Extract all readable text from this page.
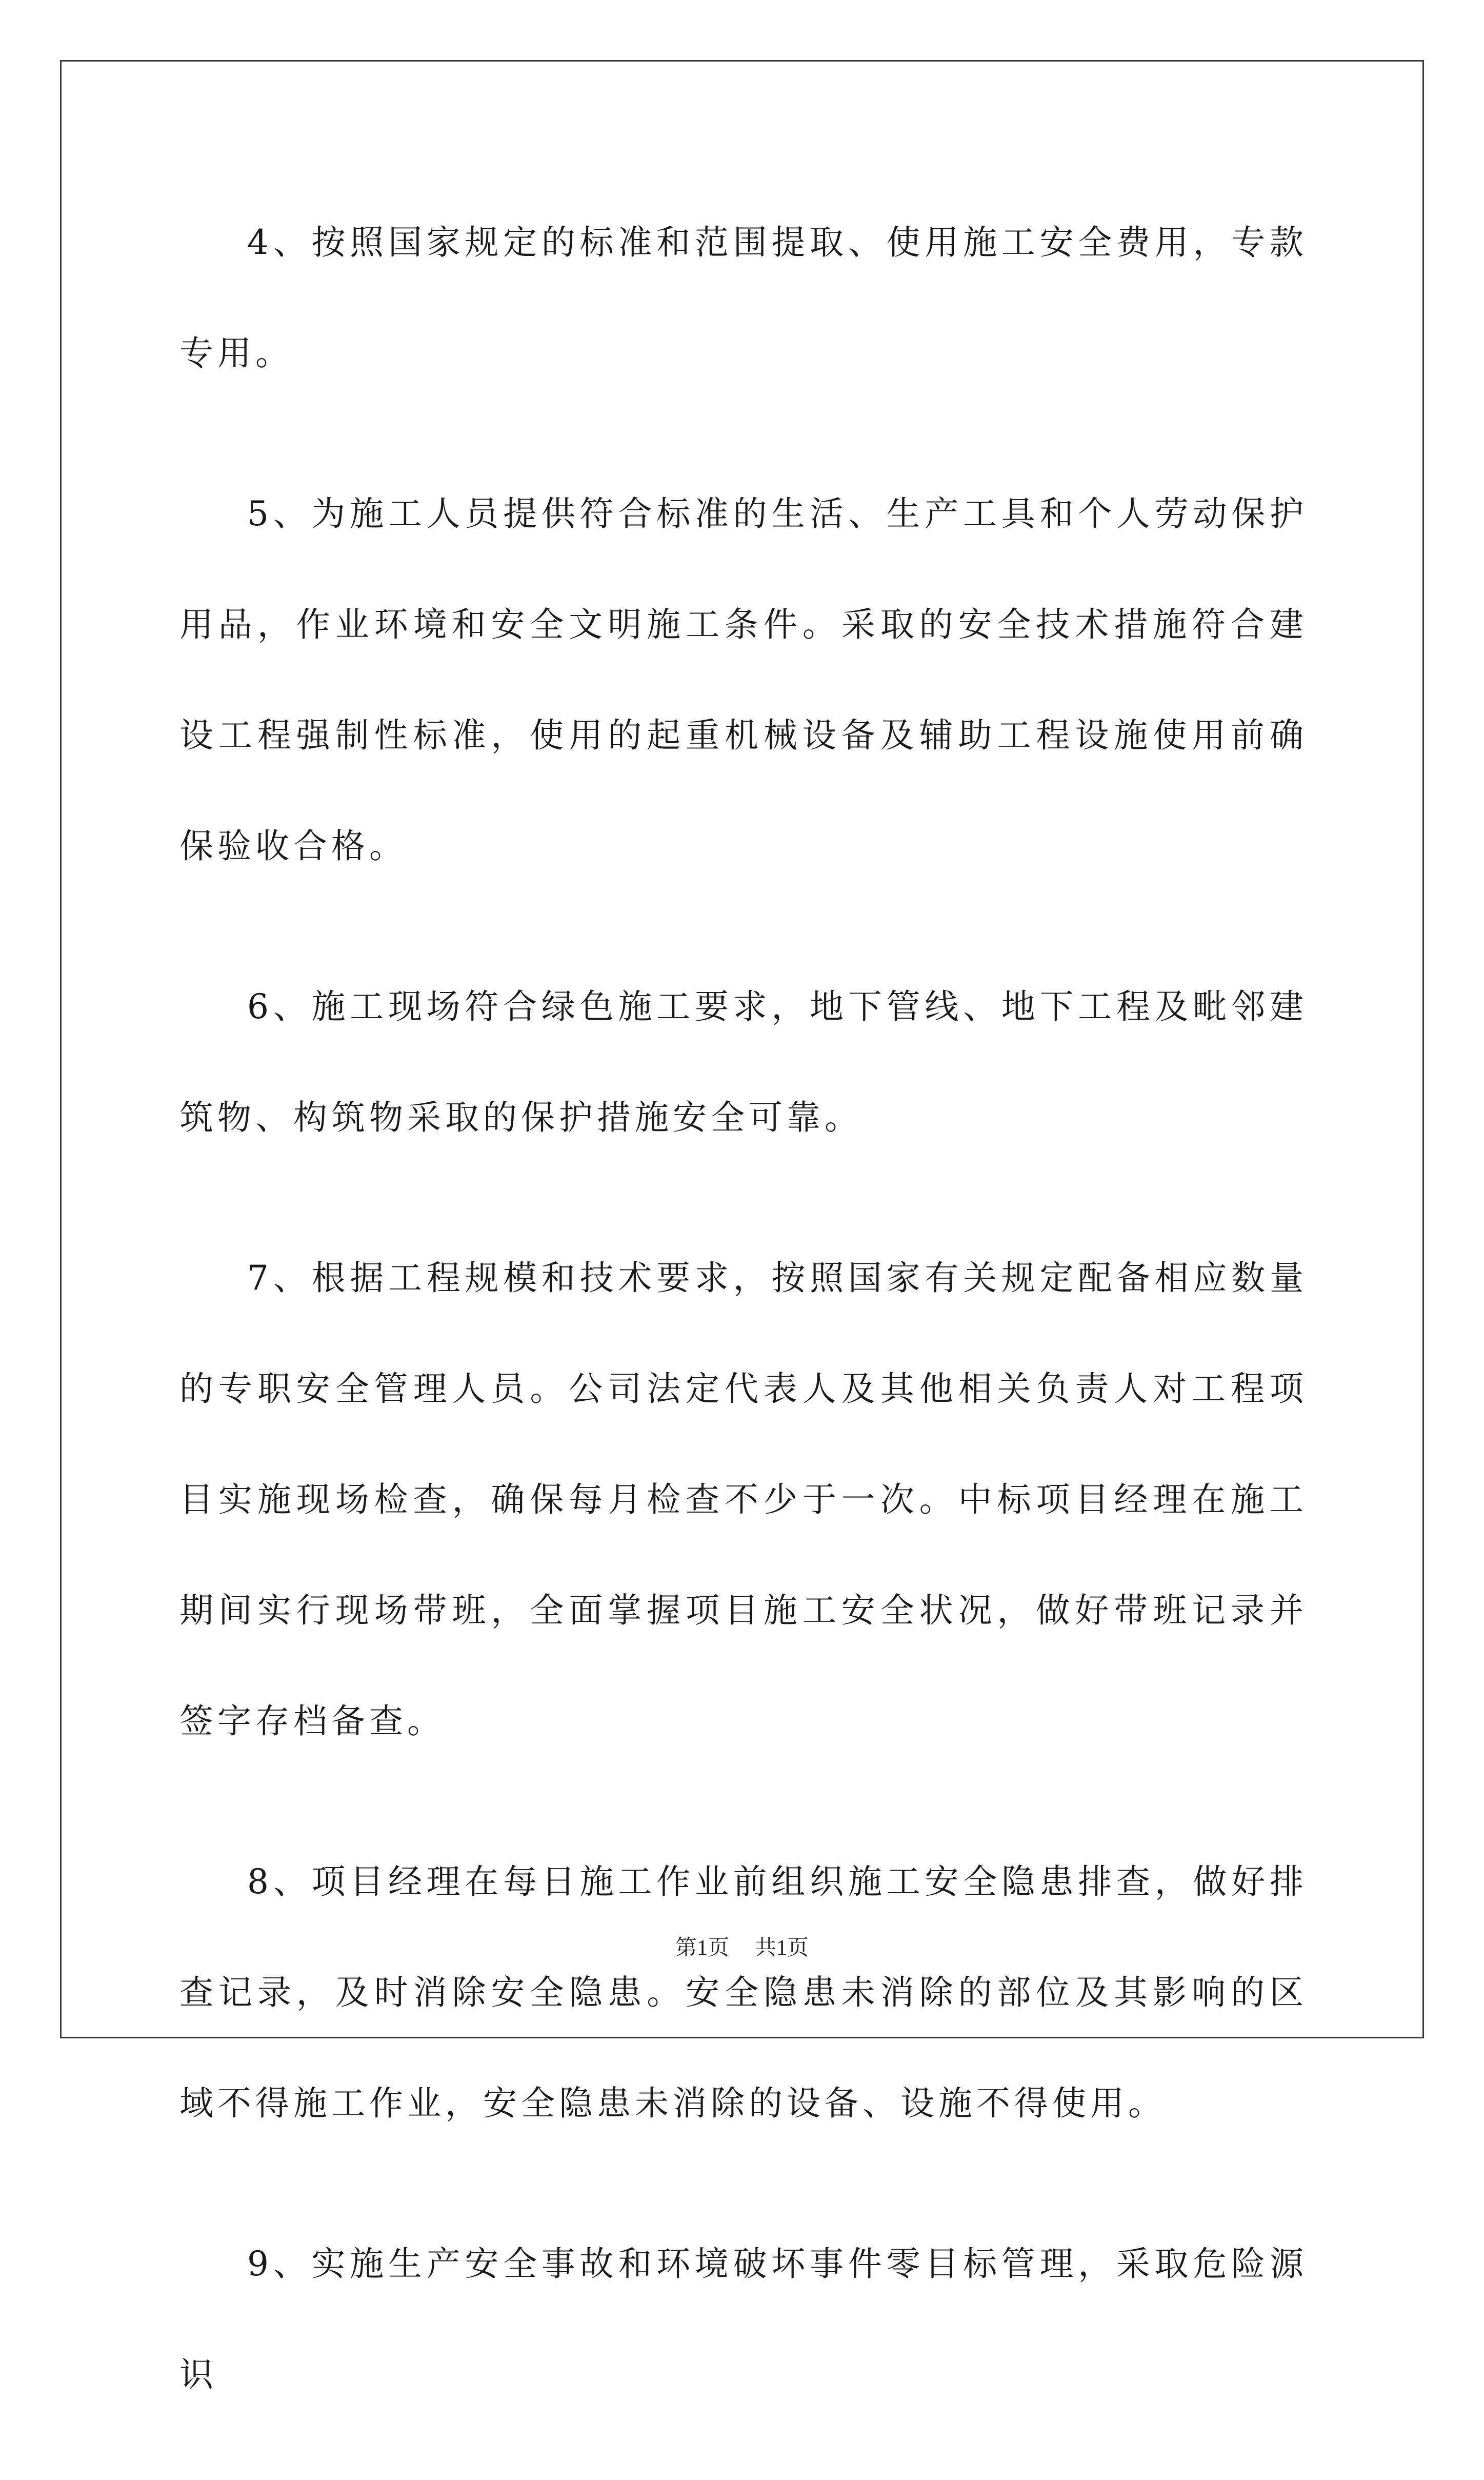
4、按照国家规定的标准和范围提取、使用施工安全费用，专款专用。

5、为施工人员提供符合标准的生活、生产工具和个人劳动保护用品，作业环境和安全文明施工条件。采取的安全技术措施符合建设工程强制性标准，使用的起重机械设备及辅助工程设施使用前确保验收合格。

6、施工现场符合绿色施工要求，地下管线、地下工程及毗邻建筑物、构筑物采取的保护措施安全可靠。

7、根据工程规模和技术要求，按照国家有关规定配备相应数量的专职安全管理人员。公司法定代表人及其他相关负责人对工程项目实施现场检查，确保每月检查不少于一次。中标项目经理在施工期间实行现场带班，全面掌握项目施工安全状况，做好带班记录并签字存档备查。

8、项目经理在每日施工作业前组织施工安全隐患排查，做好排查记录，及时消除安全隐患。安全隐患未消除的部位及其影响的区域不得施工作业，安全隐患未消除的设备、设施不得使用。

9、实施生产安全事故和环境破坏事件零目标管理，采取危险源识

第1页 共1页
